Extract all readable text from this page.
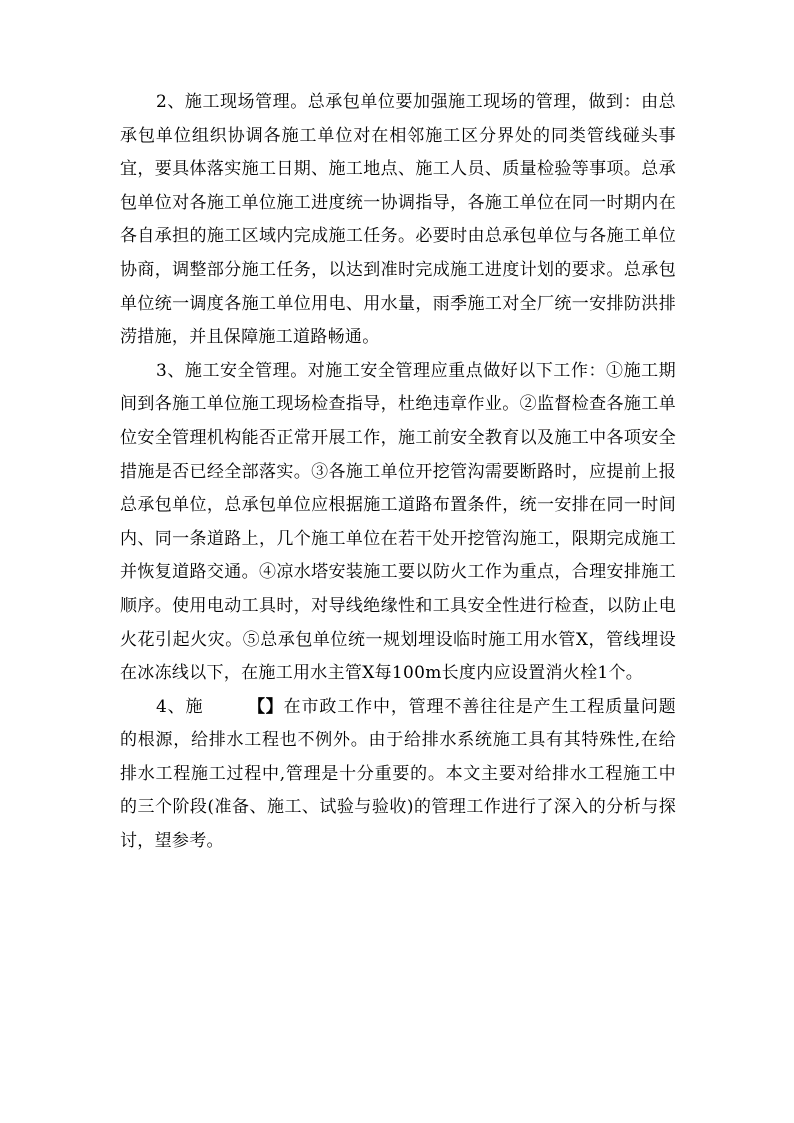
2、施工现场管理。总承包单位要加强施工现场的管理，做到：由总承包单位组织协调各施工单位对在相邻施工区分界处的同类管线碰头事宜，要具体落实施工日期、施工地点、施工人员、质量检验等事项。总承包单位对各施工单位施工进度统一协调指导，各施工单位在同一时期内在各自承担的施工区域内完成施工任务。必要时由总承包单位与各施工单位协商，调整部分施工任务，以达到准时完成施工进度计划的要求。总承包单位统一调度各施工单位用电、用水量，雨季施工对全厂统一安排防洪排涝措施，并且保障施工道路畅通。

3、施工安全管理。对施工安全管理应重点做好以下工作：①施工期间到各施工单位施工现场检查指导，杜绝违章作业。②监督检查各施工单位安全管理机构能否正常开展工作，施工前安全教育以及施工中各项安全措施是否已经全部落实。③各施工单位开挖管沟需要断路时，应提前上报总承包单位，总承包单位应根据施工道路布置条件，统一安排在同一时间内、同一条道路上，几个施工单位在若干处开挖管沟施工，限期完成施工并恢复道路交通。④凉水塔安装施工要以防火工作为重点，合理安排施工顺序。使用电动工具时，对导线绝缘性和工具安全性进行检查，以防止电火花引起火灾。⑤总承包单位统一规划埋设临时施工用水管X，管线埋设在冰冻线以下，在施工用水主管X每100m长度内应设置消火栓1个。

4、施	【】在市政工作中，管理不善往往是产生工程质量问题的根源，给排水工程也不例外。由于给排水系统施工具有其特殊性,在给排水工程施工过程中,管理是十分重要的。本文主要对给排水工程施工中的三个阶段(准备、施工、试验与验收)的管理工作进行了深入的分析与探讨，望参考。
